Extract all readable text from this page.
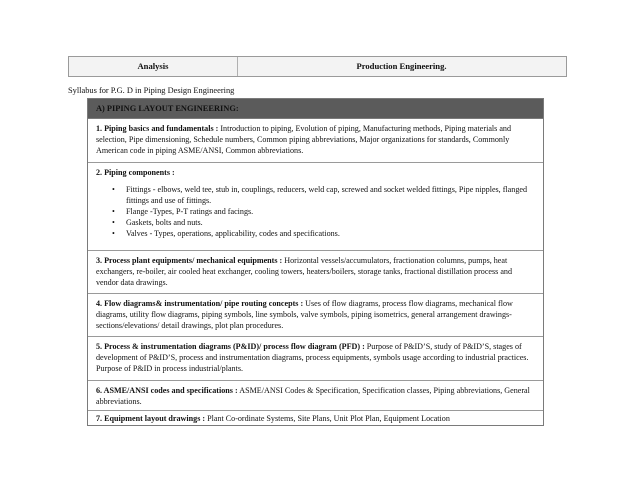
Analysis	Production Engineering.
Syllabus for P.G. D in Piping Design Engineering
A) PIPING LAYOUT ENGINEERING:
1. Piping basics and fundamentals : Introduction to piping, Evolution of piping, Manufacturing methods, Piping materials and selection, Pipe dimensioning, Schedule numbers, Common piping abbreviations, Major organizations for standards, Commonly American code in piping ASME/ANSI, Common abbreviations.
2. Piping components :
• Fittings - elbows, weld tee, stub in, couplings, reducers, weld cap, screwed and socket welded fittings, Pipe nipples, flanged fittings and use of fittings.
• Flange -Types, P-T ratings and facings.
• Gaskets, bolts and nuts.
• Valves - Types, operations, applicability, codes and specifications.
3. Process plant equipments/ mechanical equipments : Horizontal vessels/accumulators, fractionation columns, pumps, heat exchangers, re-boiler, air cooled heat exchanger, cooling towers, heaters/boilers, storage tanks, fractional distillation process and vendor data drawings.
4. Flow diagrams& instrumentation/ pipe routing concepts : Uses of flow diagrams, process flow diagrams, mechanical flow diagrams, utility flow diagrams, piping symbols, line symbols, valve symbols, piping isometrics, general arrangement drawings- sections/elevations/ detail drawings, plot plan procedures.
5. Process & instrumentation diagrams (P&ID)/ process flow diagram (PFD) : Purpose of P&ID’S, study of P&ID’S, stages of development of P&ID’S, process and instrumentation diagrams, process equipments, symbols usage according to industrial practices. Purpose of P&ID in process industrial/plants.
6. ASME/ANSI codes and specifications : ASME/ANSI Codes & Specification, Specification classes, Piping abbreviations, General abbreviations.
7. Equipment layout drawings : Plant Co-ordinate Systems, Site Plans, Unit Plot Plan, Equipment Location
